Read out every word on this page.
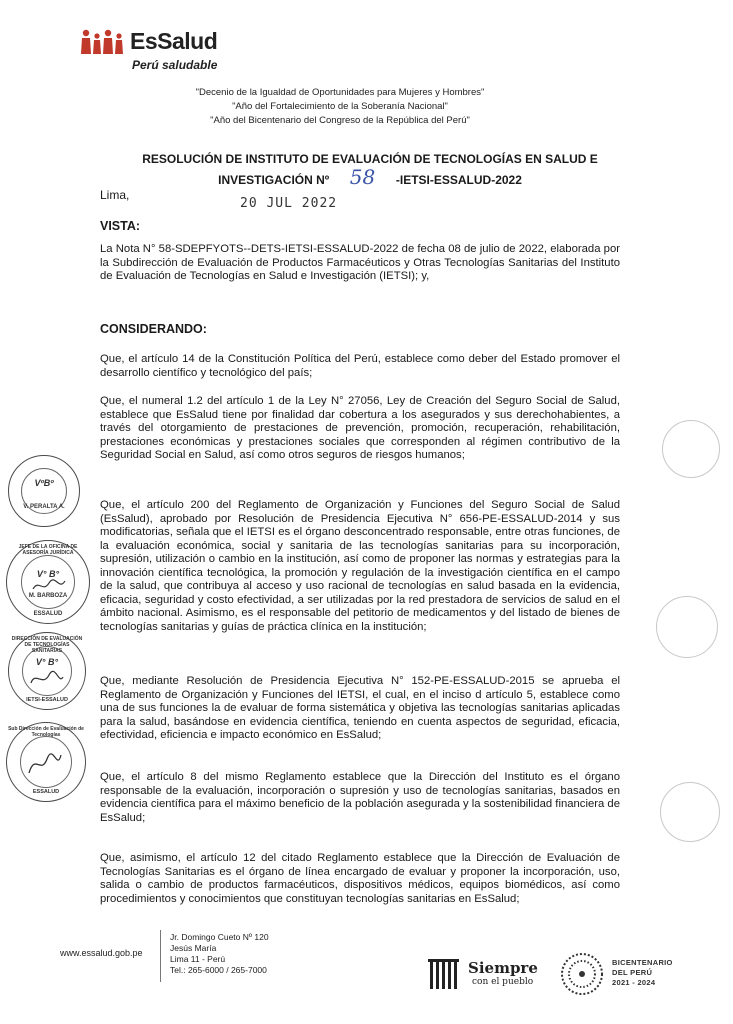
EsSalud
Perú saludable
"Decenio de la Igualdad de Oportunidades para Mujeres y Hombres"
"Año del Fortalecimiento de la Soberanía Nacional"
"Año del Bicentenario del Congreso de la República del Perú"
RESOLUCIÓN DE INSTITUTO DE EVALUACIÓN DE TECNOLOGÍAS EN SALUD E
INVESTIGACIÓN Nº 58 -IETSI-ESSALUD-2022
Lima,
20 JUL 2022
VISTA:
La Nota N° 58-SDEPFYOTS--DETS-IETSI-ESSALUD-2022 de fecha 08 de julio de 2022, elaborada por la Subdirección de Evaluación de Productos Farmacéuticos y Otras Tecnologías Sanitarias del Instituto de Evaluación de Tecnologías en Salud e Investigación (IETSI); y,
CONSIDERANDO:
Que, el artículo 14 de la Constitución Política del Perú, establece como deber del Estado promover el desarrollo científico y tecnológico del país;
Que, el numeral 1.2 del artículo 1 de la Ley N° 27056, Ley de Creación del Seguro Social de Salud, establece que EsSalud tiene por finalidad dar cobertura a los asegurados y sus derechohabientes, a través del otorgamiento de prestaciones de prevención, promoción, recuperación, rehabilitación, prestaciones económicas y prestaciones sociales que corresponden al régimen contributivo de la Seguridad Social en Salud, así como otros seguros de riesgos humanos;
Que, el artículo 200 del Reglamento de Organización y Funciones del Seguro Social de Salud (EsSalud), aprobado por Resolución de Presidencia Ejecutiva N° 656-PE-ESSALUD-2014 y sus modificatorias, señala que el IETSI es el órgano desconcentrado responsable, entre otras funciones, de la evaluación económica, social y sanitaria de las tecnologías sanitarias para su incorporación, supresión, utilización o cambio en la institución, así como de proponer las normas y estrategias para la innovación científica tecnológica, la promoción y regulación de la investigación científica en el campo de la salud, que contribuya al acceso y uso racional de tecnologías en salud basada en la evidencia, eficacia, seguridad y costo efectividad, a ser utilizadas por la red prestadora de servicios de salud en el ámbito nacional. Asimismo, es el responsable del petitorio de medicamentos y del listado de bienes de tecnologías sanitarias y guías de práctica clínica en la institución;
Que, mediante Resolución de Presidencia Ejecutiva N° 152-PE-ESSALUD-2015 se aprueba el Reglamento de Organización y Funciones del IETSI, el cual, en el inciso d artículo 5, establece como una de sus funciones la de evaluar de forma sistemática y objetiva las tecnologías sanitarias aplicadas para la salud, basándose en evidencia científica, teniendo en cuenta aspectos de seguridad, eficacia, efectividad, eficiencia e impacto económico en EsSalud;
Que, el artículo 8 del mismo Reglamento establece que la Dirección del Instituto es el órgano responsable de la evaluación, incorporación o supresión y uso de tecnologías sanitarias, basados en evidencia científica para el máximo beneficio de la población asegurada y la sostenibilidad financiera de EsSalud;
Que, asimismo, el artículo 12 del citado Reglamento establece que la Dirección de Evaluación de Tecnologías Sanitarias es el órgano de línea encargado de evaluar y proponer la incorporación, uso, salida o cambio de productos farmacéuticos, dispositivos médicos, equipos biomédicos, así como procedimientos y conocimientos que constituyan tecnologías sanitarias en EsSalud;
VºBº
V. PERALTA A.
JEFE DE LA OFICINA DE ASESORÍA JURÍDICA
V° B°
M. BARBOZA
ESSALUD
DIRECCIÓN DE EVALUACIÓN DE TECNOLOGÍAS SANITARIAS
V° B°
IETSI-ESSALUD
Sub Dirección de Evaluación de Tecnologías
ESSALUD
www.essalud.gob.pe
Jr. Domingo Cueto Nº 120
Jesús María
Lima 11 - Perú
Tel.: 265-6000 / 265-7000	Siempre
con el pueblo
BICENTENARIO
DEL PERÚ
2021 - 2024
